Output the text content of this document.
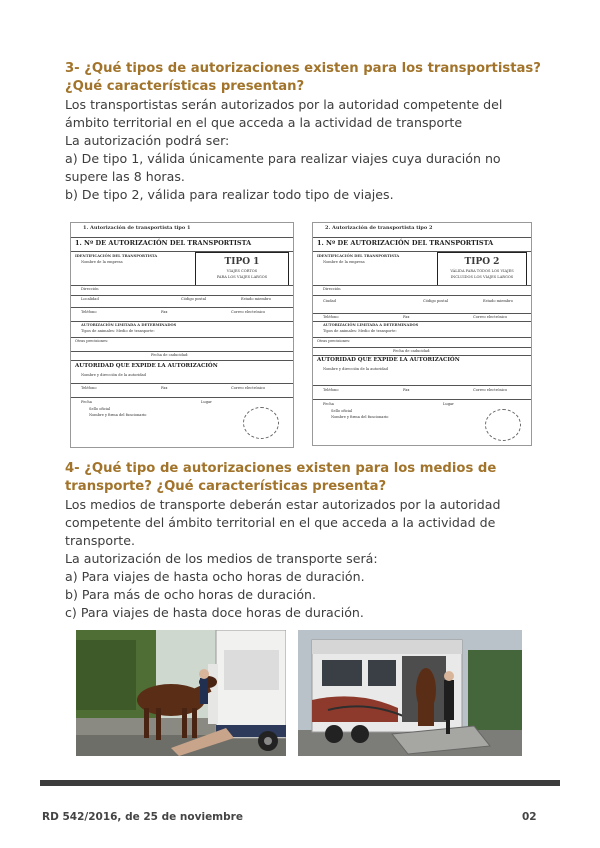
3- ¿Qué tipos de autorizaciones existen para los transportistas?

¿Qué características presentan?

Los transportistas serán autorizados por la autoridad competente del

ámbito territorial en el que acceda a la actividad de transporte

La autorización podrá ser:

a) De tipo 1, válida únicamente para realizar viajes cuya duración no

supere las 8 horas.

b) De tipo 2, válida para realizar todo tipo de viajes.

1. Autorización de transportista tipo 1
1. Nº DE AUTORIZACIÓN DEL TRANSPORTISTA
IDENTIFICACIÓN DEL TRANSPORTISTA
Nombre de la empresa	TIPO 1
VIAJES CORTOS
PARA LOS VIAJES LARGOS
Dirección
Localidad	Código postal	Estado miembro
Teléfono	Fax	Correo electrónico
AUTORIZACIÓN LIMITADA A DETERMINADOS
Tipos de animales: Medio de transporte:
Otras precisiones:
Fecha de caducidad:
AUTORIDAD QUE EXPIDE LA AUTORIZACIÓN
Nombre y dirección de la autoridad
Teléfono	Fax	Correo electrónico
Fecha	Lugar
Sello oficial
Nombre y firma del funcionario
2. Autorización de transportista tipo 2
1. Nº DE AUTORIZACIÓN DEL TRANSPORTISTA
IDENTIFICACIÓN DEL TRANSPORTISTA
Nombre de la empresa	TIPO 2
VÁLIDA PARA TODOS LOS VIAJES
INCLUIDOS LOS VIAJES LARGOS
Dirección
Ciudad	Código postal	Estado miembro
Teléfono	Fax	Correo electrónico
AUTORIZACIÓN LIMITADA A DETERMINADOS
Tipos de animales: Medio de transporte:
Otras precisiones:
Fecha de caducidad:
AUTORIDAD QUE EXPIDE LA AUTORIZACIÓN
Nombre y dirección de la autoridad
Teléfono	Fax	Correo electrónico
Fecha	Lugar
Sello oficial
Nombre y firma del funcionario

4- ¿Qué tipo de autorizaciones existen para los medios de

transporte? ¿Qué características presenta?

Los medios de transporte deberán estar autorizados por la autoridad

competente del ámbito territorial en el que acceda a la actividad de

transporte.

La autorización de los medios de transporte será:

a) Para viajes de hasta ocho horas de duración.

b) Para más de ocho horas de duración.

c) Para viajes de hasta doce horas de duración.

RD 542/2016, de 25 de noviembre	02
